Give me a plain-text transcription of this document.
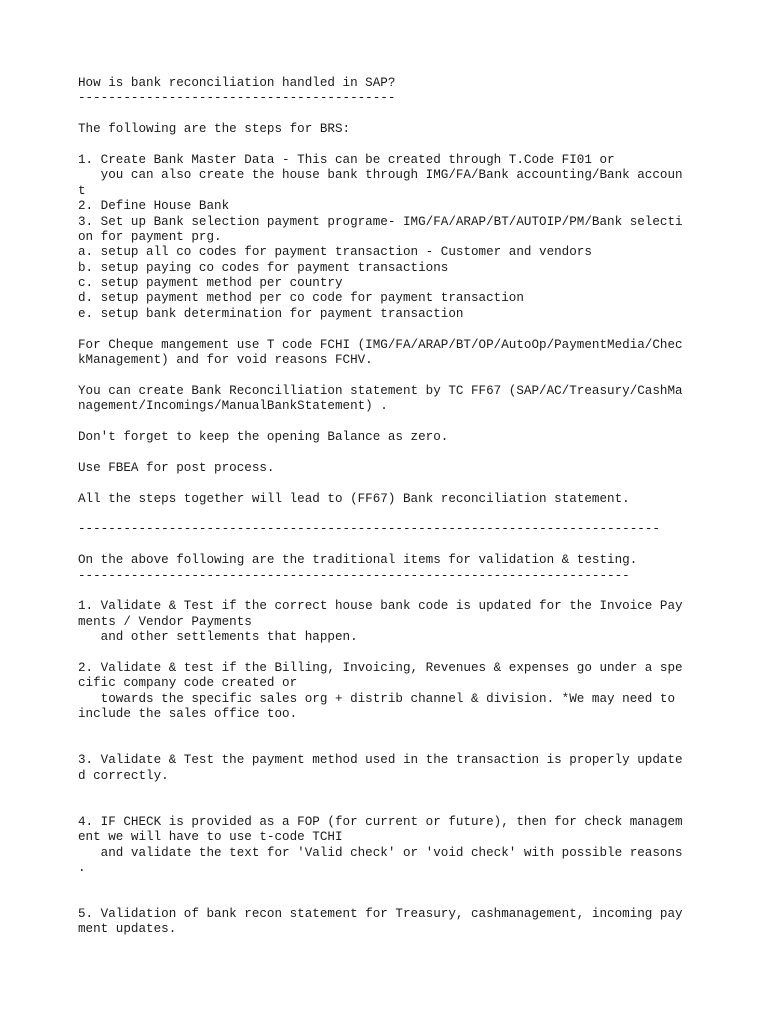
How is bank reconciliation handled in SAP?
------------------------------------------
The following are the steps for BRS:
1. Create Bank Master Data - This can be created through T.Code FI01 or
you can also create the house bank through IMG/FA/Bank accounting/Bank accoun
t
2. Define House Bank
3. Set up Bank selection payment programe- IMG/FA/ARAP/BT/AUTOIP/PM/Bank selecti
on for payment prg.
a. setup all co codes for payment transaction - Customer and vendors
b. setup paying co codes for payment transactions
c. setup payment method per country
d. setup payment method per co code for payment transaction
e. setup bank determination for payment transaction
For Cheque mangement use T code FCHI (IMG/FA/ARAP/BT/OP/AutoOp/PaymentMedia/Chec
kManagement) and for void reasons FCHV.
You can create Bank Reconcilliation statement by TC FF67 (SAP/AC/Treasury/CashMa
nagement/Incomings/ManualBankStatement) .
Don't forget to keep the opening Balance as zero.
Use FBEA for post process.
All the steps together will lead to (FF67) Bank reconciliation statement.
-----------------------------------------------------------------------------
On the above following are the traditional items for validation & testing.
-------------------------------------------------------------------------
1. Validate & Test if the correct house bank code is updated for the Invoice Pay
ments / Vendor Payments
and other settlements that happen.
2. Validate & test if the Billing, Invoicing, Revenues & expenses go under a spe
cific company code created or
towards the specific sales org + distrib channel & division. *We may need to
include the sales office too.
3. Validate & Test the payment method used in the transaction is properly update
d correctly.
4. IF CHECK is provided as a FOP (for current or future), then for check managem
ent we will have to use t-code TCHI
and validate the text for 'Valid check' or 'void check' with possible reasons
.
5. Validation of bank recon statement for Treasury, cashmanagement, incoming pay
ment updates.
